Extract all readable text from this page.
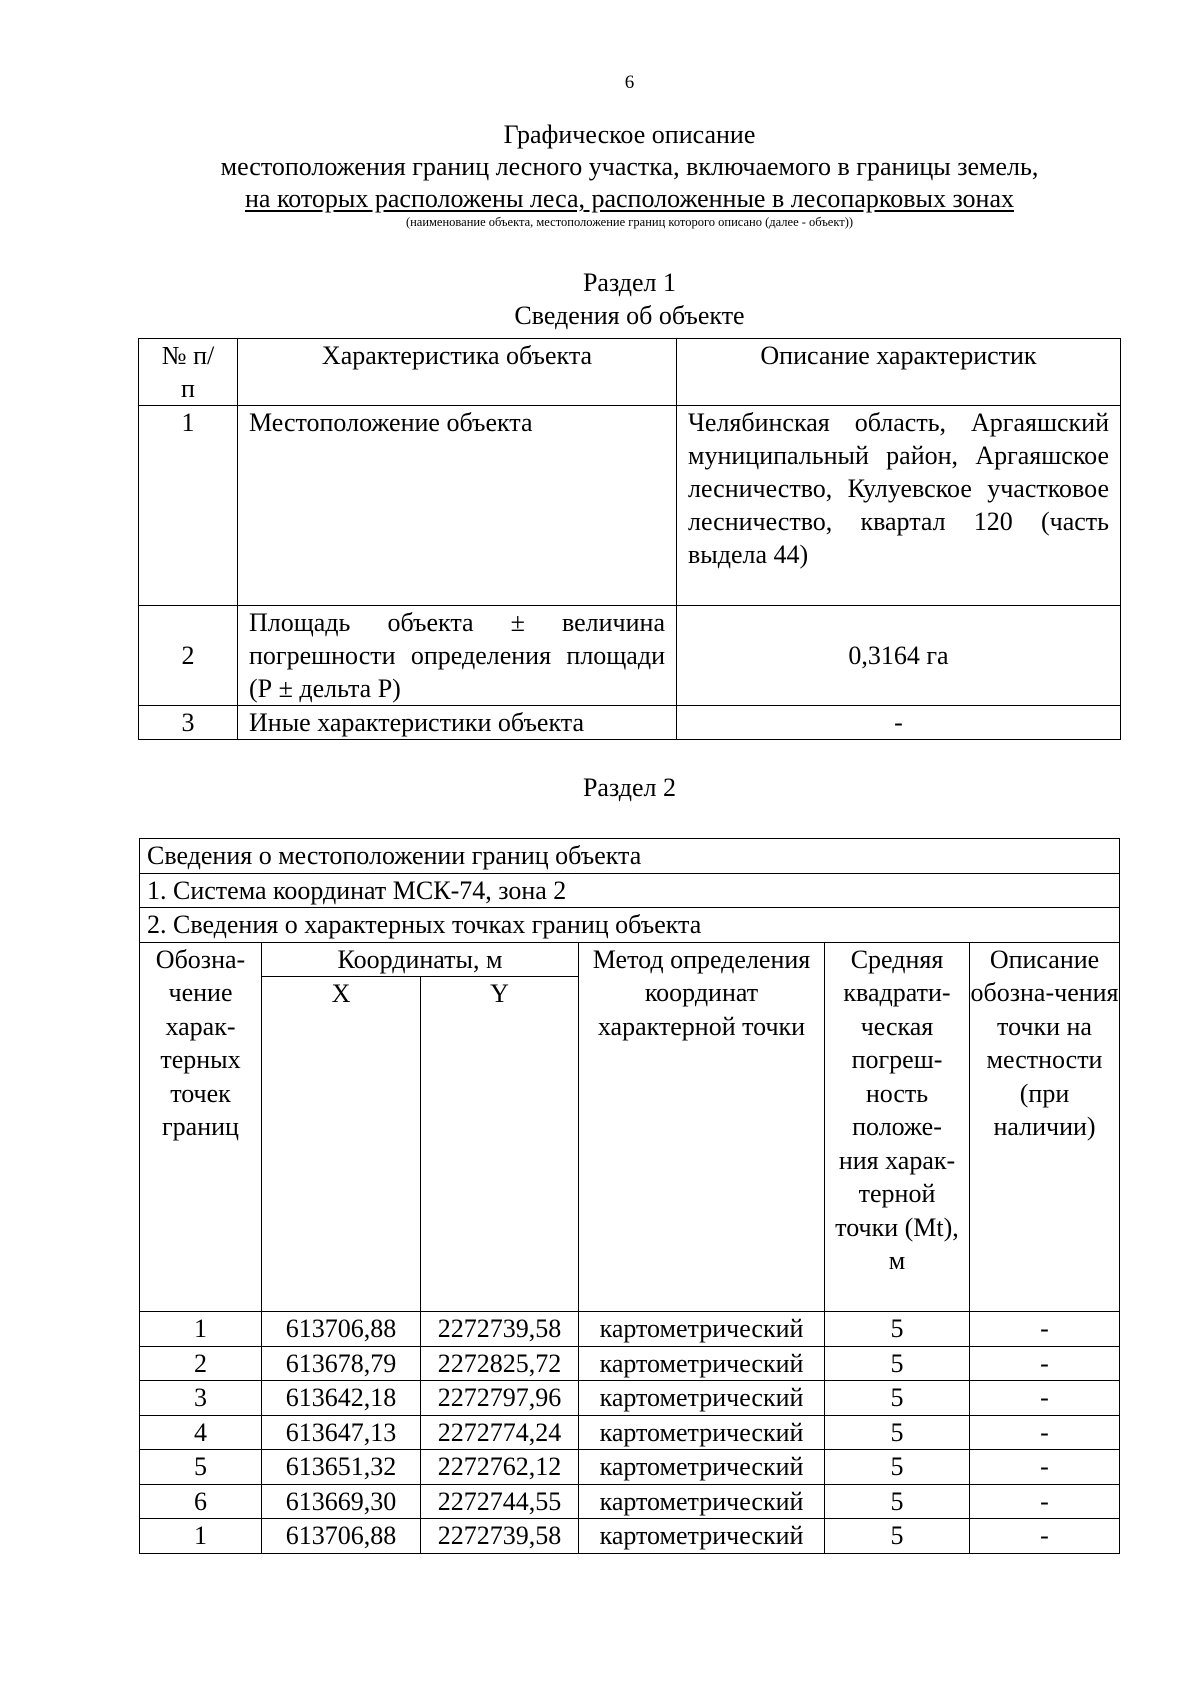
6
Графическое описание
местоположения границ лесного участка, включаемого в границы земель,
на которых расположены леса, расположенные в лесопарковых зонах
(наименование объекта, местоположение границ которого описано (далее - объект))
Раздел 1
Сведения об объекте
№ п/п	Характеристика объекта	Описание характеристик
1	Местоположение объекта	Челябинская область, Аргаяшский муниципальный район, Аргаяшское лесничество, Кулуевское участковое лесничество, квартал 120 (часть выдела 44)
2	Площадь объекта ± величина погрешности определения площади (Р ± дельта Р)	0,3164 га
3	Иные характеристики объекта	-
Раздел 2
Сведения о местоположении границ объекта					
1. Система координат МСК-74, зона 2					
2. Сведения о характерных точках границ объекта					
Обозна-чение харак-терных точек границ	Координаты, м		Метод определения координат характерной точки	Средняя квадрати-ческая погреш-ность положе-ния харак-терной точки (Mt), м	Описание обозна-чения точки на местности (при наличии)
	X	Y			
1	613706,88	2272739,58	картометрический	5	-
2	613678,79	2272825,72	картометрический	5	-
3	613642,18	2272797,96	картометрический	5	-
4	613647,13	2272774,24	картометрический	5	-
5	613651,32	2272762,12	картометрический	5	-
6	613669,30	2272744,55	картометрический	5	-
1	613706,88	2272739,58	картометрический	5	-
